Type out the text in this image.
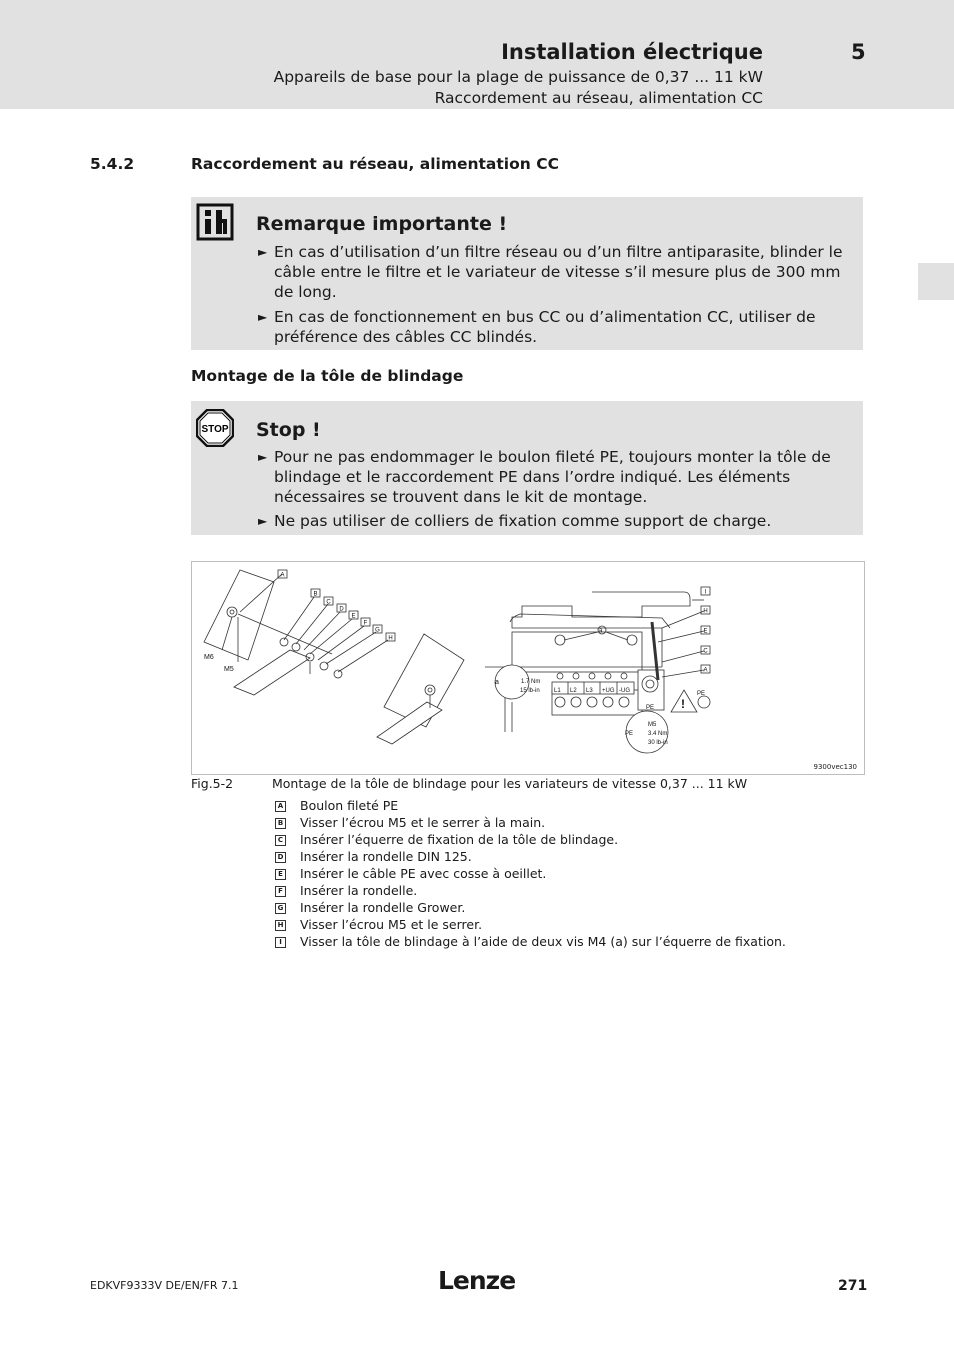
Installation électrique	5
Appareils de base pour la plage de puissance de 0,37 ... 11 kW
Raccordement au réseau, alimentation CC
5.4.2	Raccordement au réseau, alimentation CC
Remarque importante !
► En cas d’utilisation d’un filtre réseau ou d’un filtre antiparasite, blinder le câble entre le filtre et le variateur de vitesse s’il mesure plus de 300 mm de long.
► En cas de fonctionnement en bus CC ou d’alimentation CC, utiliser de préférence des câbles CC blindés.
Montage de la tôle de blindage
STOP Stop !
► Pour ne pas endommager le boulon fileté PE, toujours monter la tôle de blindage et le raccordement PE dans l’ordre indiqué. Les éléments nécessaires se trouvent dans le kit de montage.
► Ne pas utiliser de colliers de fixation comme support de charge.
M6
M5
A
B
C
D
E
F
G
H
a	1.7 Nm
15 lb-in L1 L2 L3 +UG -UG
PE
PE
PE
M5
3.4 Nm
30 lb-in
a
!
I
H
E
C
A
9300vec130
Fig.5-2	Montage de la tôle de blindage pour les variateurs de vitesse 0,37 ... 11 kW
A Boulon fileté PE
B Visser l’écrou M5 et le serrer à la main.
C Insérer l’équerre de fixation de la tôle de blindage.
D Insérer la rondelle DIN 125.
E Insérer le câble PE avec cosse à oeillet.
F Insérer la rondelle.
G Insérer la rondelle Grower.
H Visser l’écrou M5 et le serrer.
I	Visser la tôle de blindage à l’aide de deux vis M4 (a) sur l’équerre de fixation.
EDKVF9333V DE/EN/FR 7.1	Lenze	271
